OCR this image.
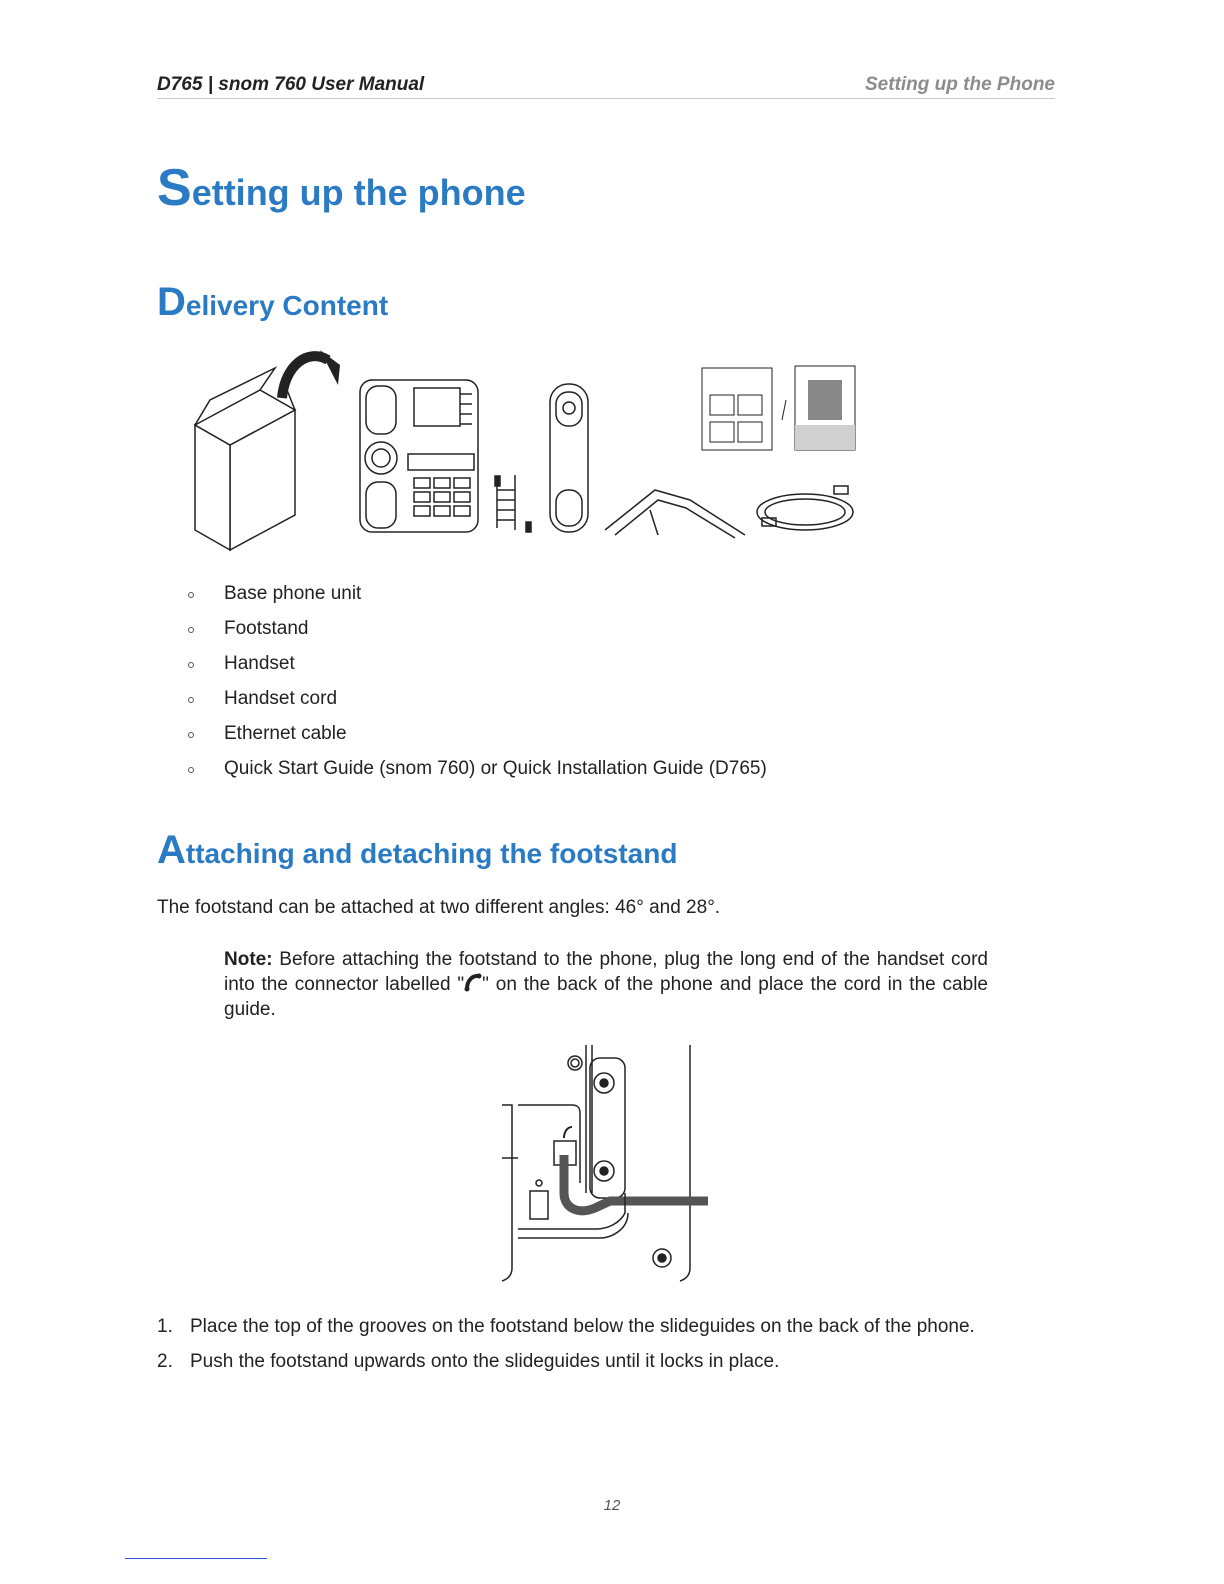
D765 | snom 760 User Manual	Setting up the Phone
Setting up the phone
Delivery Content
Base phone unit
Footstand
Handset
Handset cord
Ethernet cable
Quick Start Guide (snom 760) or Quick Installation Guide (D765)
Attaching and detaching the footstand
The footstand can be attached at two different angles: 46° and 28°.
Note: Before attaching the footstand to the phone, plug the long end of the handset cord into the connector labelled " " on the back of the phone and place the cord in the cable guide.
1. Place the top of the grooves on the footstand below the slideguides on the back of the phone.
2. Push the footstand upwards onto the slideguides until it locks in place.
12
